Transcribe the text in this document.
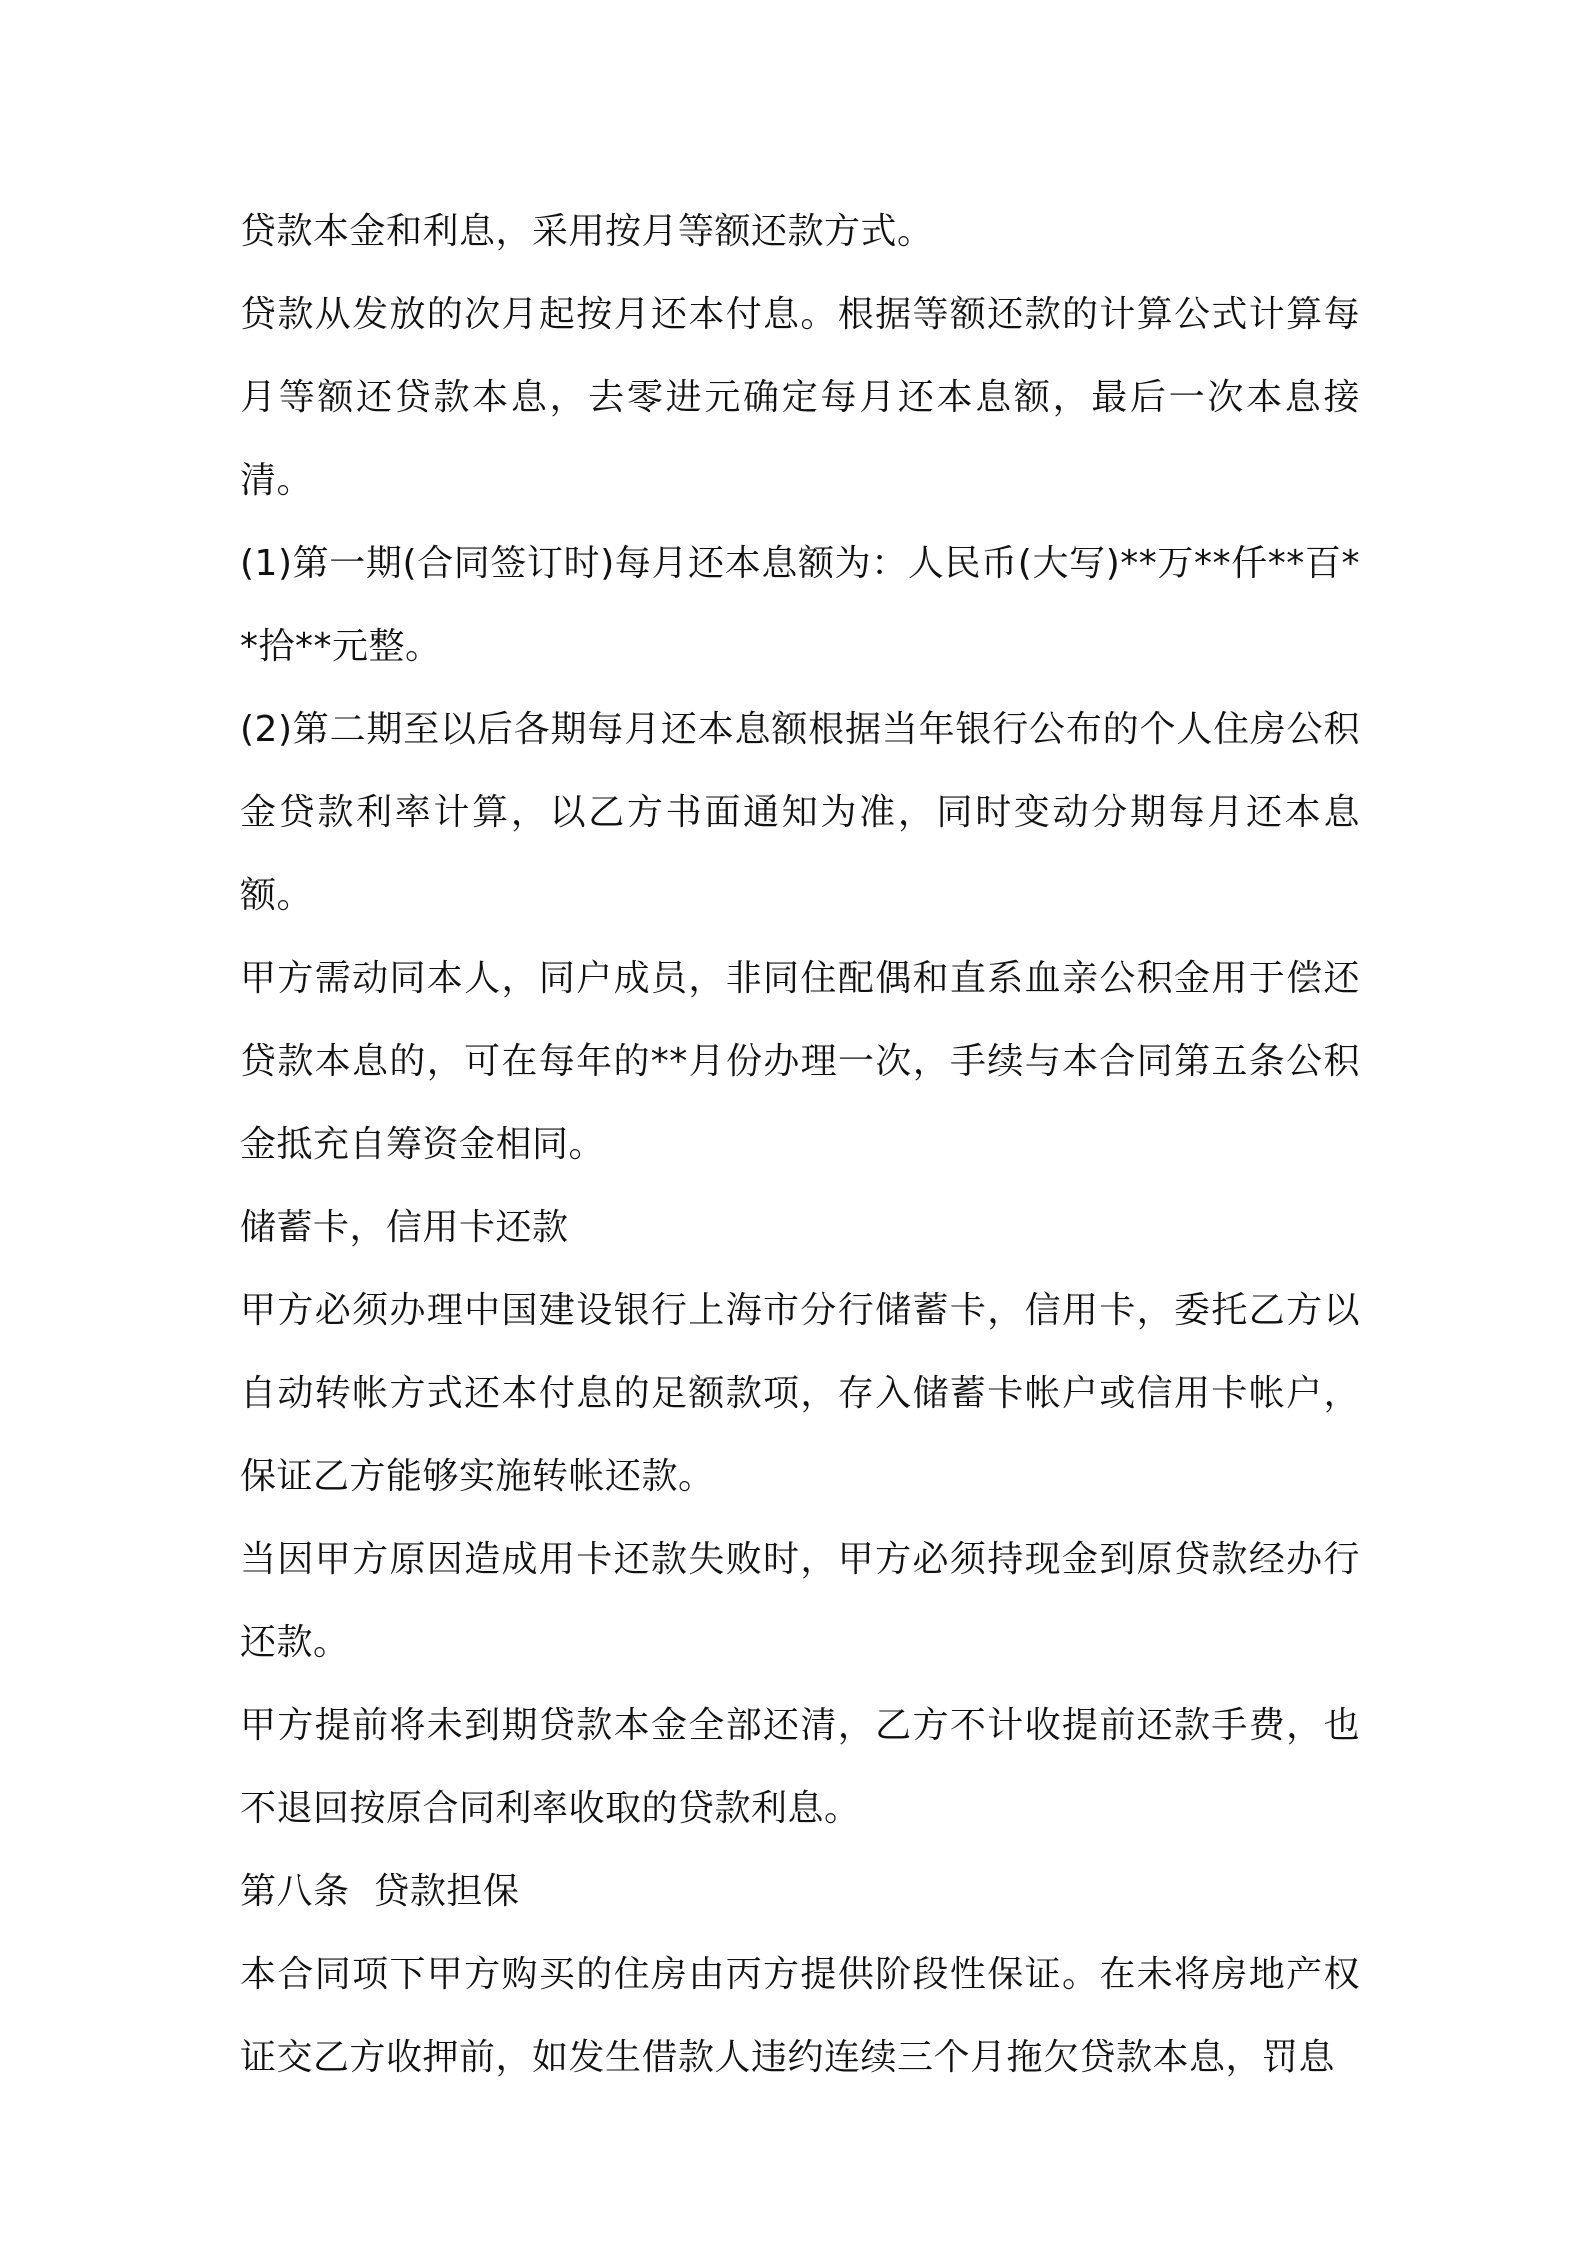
贷款本金和利息，采用按月等额还款方式。

贷款从发放的次月起按月还本付息。根据等额还款的计算公式计算每月等额还贷款本息，去零进元确定每月还本息额，最后一次本息接清。

(1)第一期(合同签订时)每月还本息额为：人民币(大写)**万**仟**百**拾**元整。

(2)第二期至以后各期每月还本息额根据当年银行公布的个人住房公积金贷款利率计算，以乙方书面通知为准，同时变动分期每月还本息额。

甲方需动同本人，同户成员，非同住配偶和直系血亲公积金用于偿还贷款本息的，可在每年的**月份办理一次，手续与本合同第五条公积金抵充自筹资金相同。

储蓄卡，信用卡还款

甲方必须办理中国建设银行上海市分行储蓄卡，信用卡，委托乙方以自动转帐方式还本付息的足额款项，存入储蓄卡帐户或信用卡帐户，保证乙方能够实施转帐还款。

当因甲方原因造成用卡还款失败时，甲方必须持现金到原贷款经办行还款。

甲方提前将未到期贷款本金全部还清，乙方不计收提前还款手费，也不退回按原合同利率收取的贷款利息。

第八条  贷款担保

本合同项下甲方购买的住房由丙方提供阶段性保证。在未将房地产权证交乙方收押前，如发生借款人违约连续三个月拖欠贷款本息，罚息
